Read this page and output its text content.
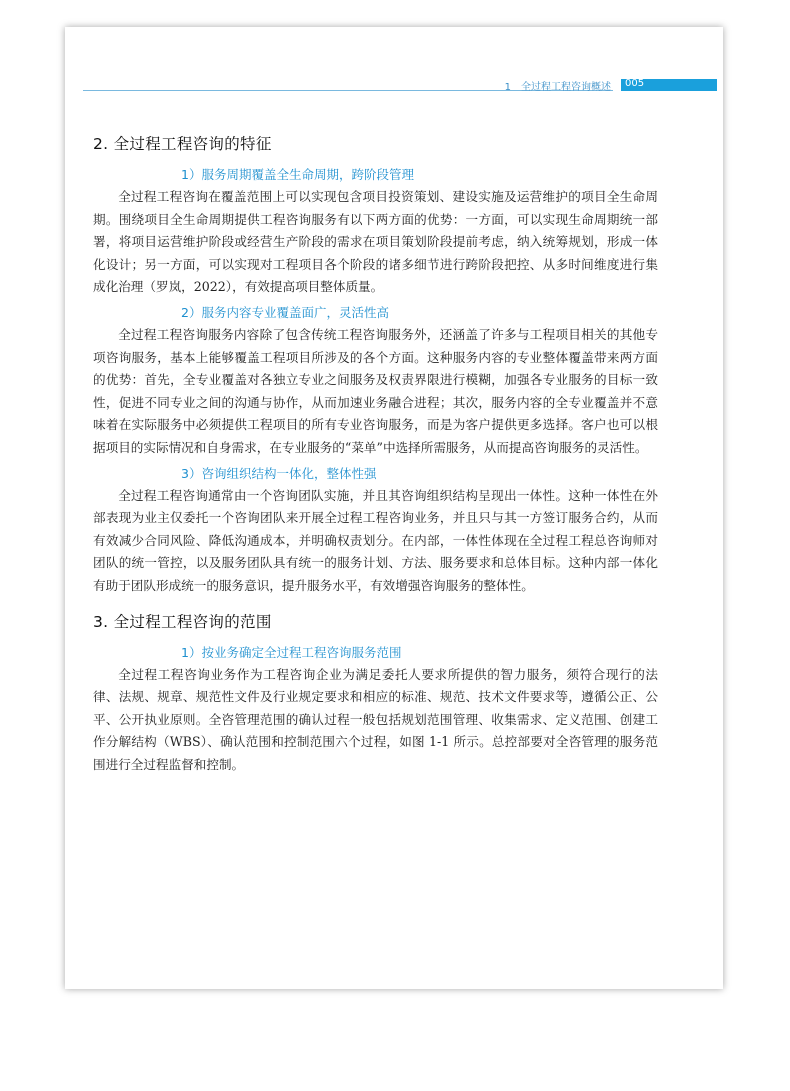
1　全过程工程咨询概述 005
2. 全过程工程咨询的特征
1）服务周期覆盖全生命周期，跨阶段管理

全过程工程咨询在覆盖范围上可以实现包含项目投资策划、建设实施及运营维护的项目全生命周期。围绕项目全生命周期提供工程咨询服务有以下两方面的优势：一方面，可以实现生命周期统一部署，将项目运营维护阶段或经营生产阶段的需求在项目策划阶段提前考虑，纳入统筹规划，形成一体化设计；另一方面，可以实现对工程项目各个阶段的诸多细节进行跨阶段把控、从多时间维度进行集成化治理（罗岚，2022），有效提高项目整体质量。

2）服务内容专业覆盖面广，灵活性高

全过程工程咨询服务内容除了包含传统工程咨询服务外，还涵盖了许多与工程项目相关的其他专项咨询服务，基本上能够覆盖工程项目所涉及的各个方面。这种服务内容的专业整体覆盖带来两方面的优势：首先，全专业覆盖对各独立专业之间服务及权责界限进行模糊，加强各专业服务的目标一致性，促进不同专业之间的沟通与协作，从而加速业务融合进程；其次，服务内容的全专业覆盖并不意味着在实际服务中必须提供工程项目的所有专业咨询服务，而是为客户提供更多选择。客户也可以根据项目的实际情况和自身需求，在专业服务的“菜单”中选择所需服务，从而提高咨询服务的灵活性。

3）咨询组织结构一体化，整体性强

全过程工程咨询通常由一个咨询团队实施，并且其咨询组织结构呈现出一体性。这种一体性在外部表现为业主仅委托一个咨询团队来开展全过程工程咨询业务，并且只与其一方签订服务合约，从而有效减少合同风险、降低沟通成本，并明确权责划分。在内部，一体性体现在全过程工程总咨询师对团队的统一管控，以及服务团队具有统一的服务计划、方法、服务要求和总体目标。这种内部一体化有助于团队形成统一的服务意识，提升服务水平，有效增强咨询服务的整体性。

3. 全过程工程咨询的范围
1）按业务确定全过程工程咨询服务范围

全过程工程咨询业务作为工程咨询企业为满足委托人要求所提供的智力服务，须符合现行的法律、法规、规章、规范性文件及行业规定要求和相应的标准、规范、技术文件要求等，遵循公正、公平、公开执业原则。全咨管理范围的确认过程一般包括规划范围管理、收集需求、定义范围、创建工作分解结构（WBS）、确认范围和控制范围六个过程，如图 1-1 所示。总控部要对全咨管理的服务范围进行全过程监督和控制。
